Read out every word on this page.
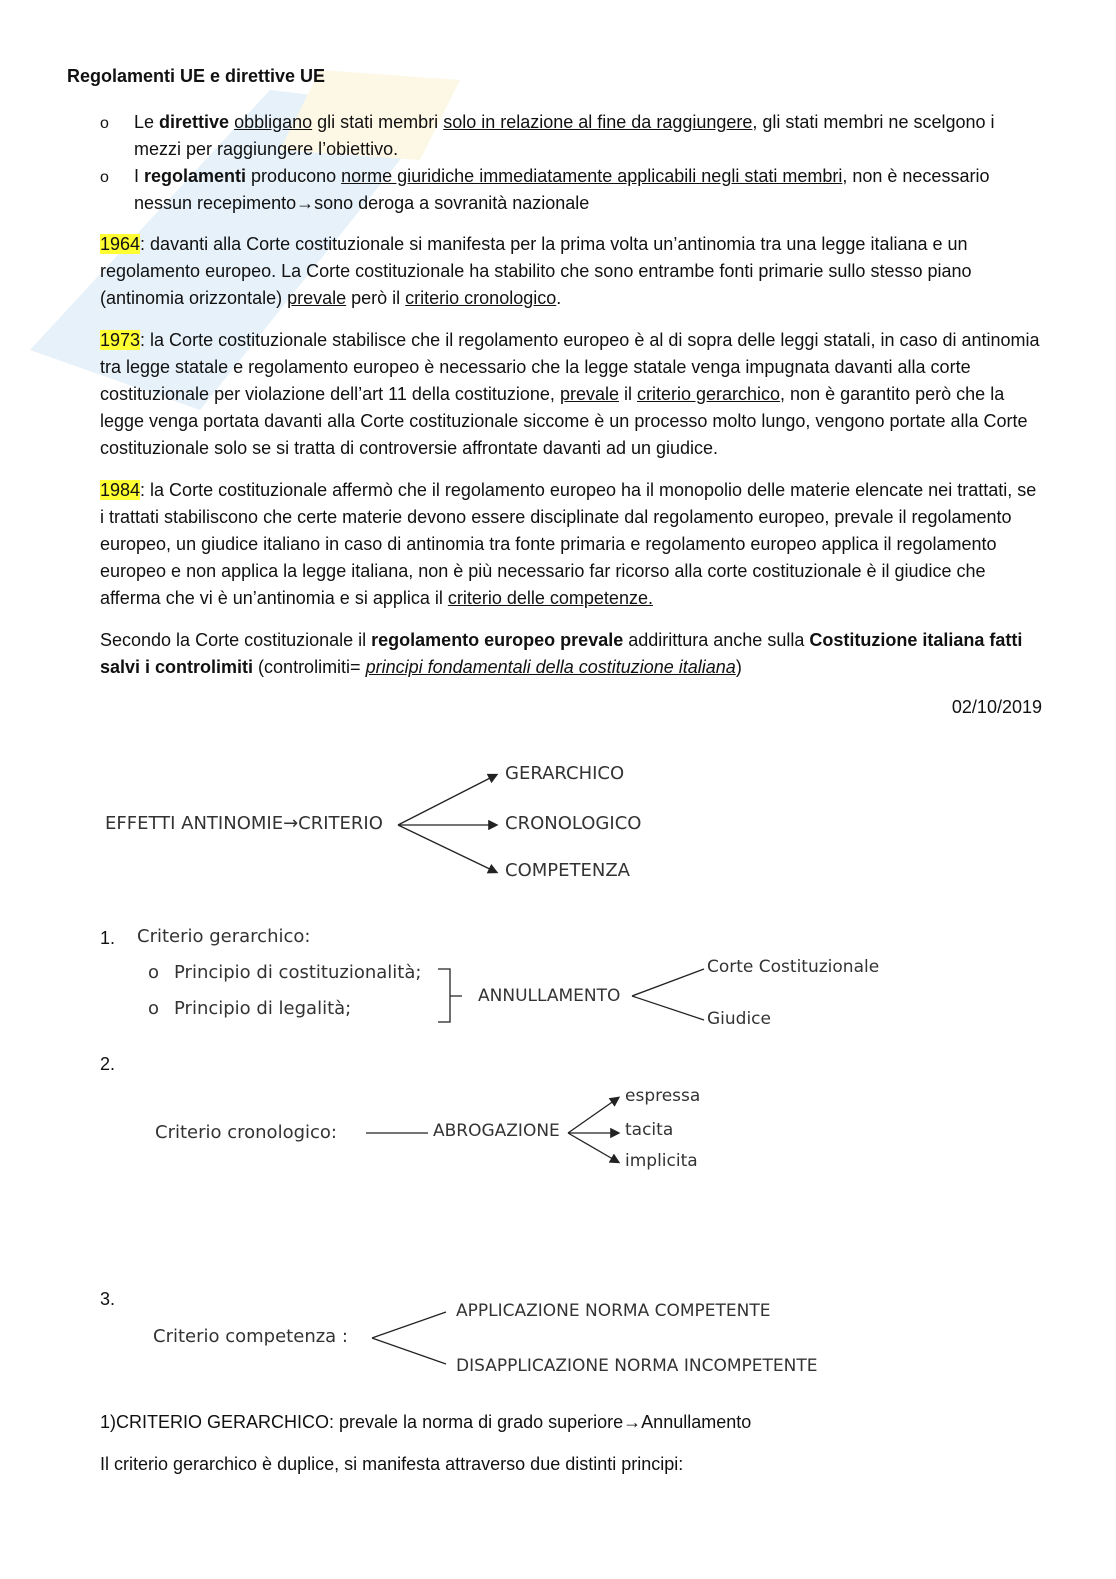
Regolamenti UE e direttive UE
o Le direttive obbligano gli stati membri solo in relazione al fine da raggiungere, gli stati membri ne scelgono i
mezzi per raggiungere l’obiettivo.
o I regolamenti producono norme giuridiche immediatamente applicabili negli stati membri, non è necessario
nessun recepimento→sono deroga a sovranità nazionale
1964: davanti alla Corte costituzionale si manifesta per la prima volta un’antinomia tra una legge italiana e un regolamento europeo. La Corte costituzionale ha stabilito che sono entrambe fonti primarie sullo stesso piano (antinomia orizzontale) prevale però il criterio cronologico.
1973: la Corte costituzionale stabilisce che il regolamento europeo è al di sopra delle leggi statali, in caso di antinomia tra legge statale e regolamento europeo è necessario che la legge statale venga impugnata davanti alla corte costituzionale per violazione dell’art 11 della costituzione, prevale il criterio gerarchico, non è garantito però che la legge venga portata davanti alla Corte costituzionale siccome è un processo molto lungo, vengono portate alla Corte costituzionale solo se si tratta di controversie affrontate davanti ad un giudice.
1984: la Corte costituzionale affermò che il regolamento europeo ha il monopolio delle materie elencate nei trattati, se i trattati stabiliscono che certe materie devono essere disciplinate dal regolamento europeo, prevale il regolamento europeo, un giudice italiano in caso di antinomia tra fonte primaria e regolamento europeo applica il regolamento europeo e non applica la legge italiana, non è più necessario far ricorso alla corte costituzionale è il giudice che afferma che vi è un’antinomia e si applica il criterio delle competenze.
Secondo la Corte costituzionale il regolamento europeo prevale addirittura anche sulla Costituzione italiana fatti salvi i controlimiti (controlimiti= principi fondamentali della costituzione italiana)
02/10/2019
EFFETTI ANTINOMIE→CRITERIO
GERARCHICO
CRONOLOGICO
COMPETENZA
1. Criterio gerarchico:
o Principio di costituzionalità;
o Principio di legalità;
ANNULLAMENTO
Corte Costituzionale
Giudice
2.
Criterio cronologico:	ABROGAZIONE
espressa
tacita
implicita
3.
Criterio competenza :
APPLICAZIONE NORMA COMPETENTE
DISAPPLICAZIONE NORMA INCOMPETENTE
1)CRITERIO GERARCHICO: prevale la norma di grado superiore→Annullamento
Il criterio gerarchico è duplice, si manifesta attraverso due distinti principi:
